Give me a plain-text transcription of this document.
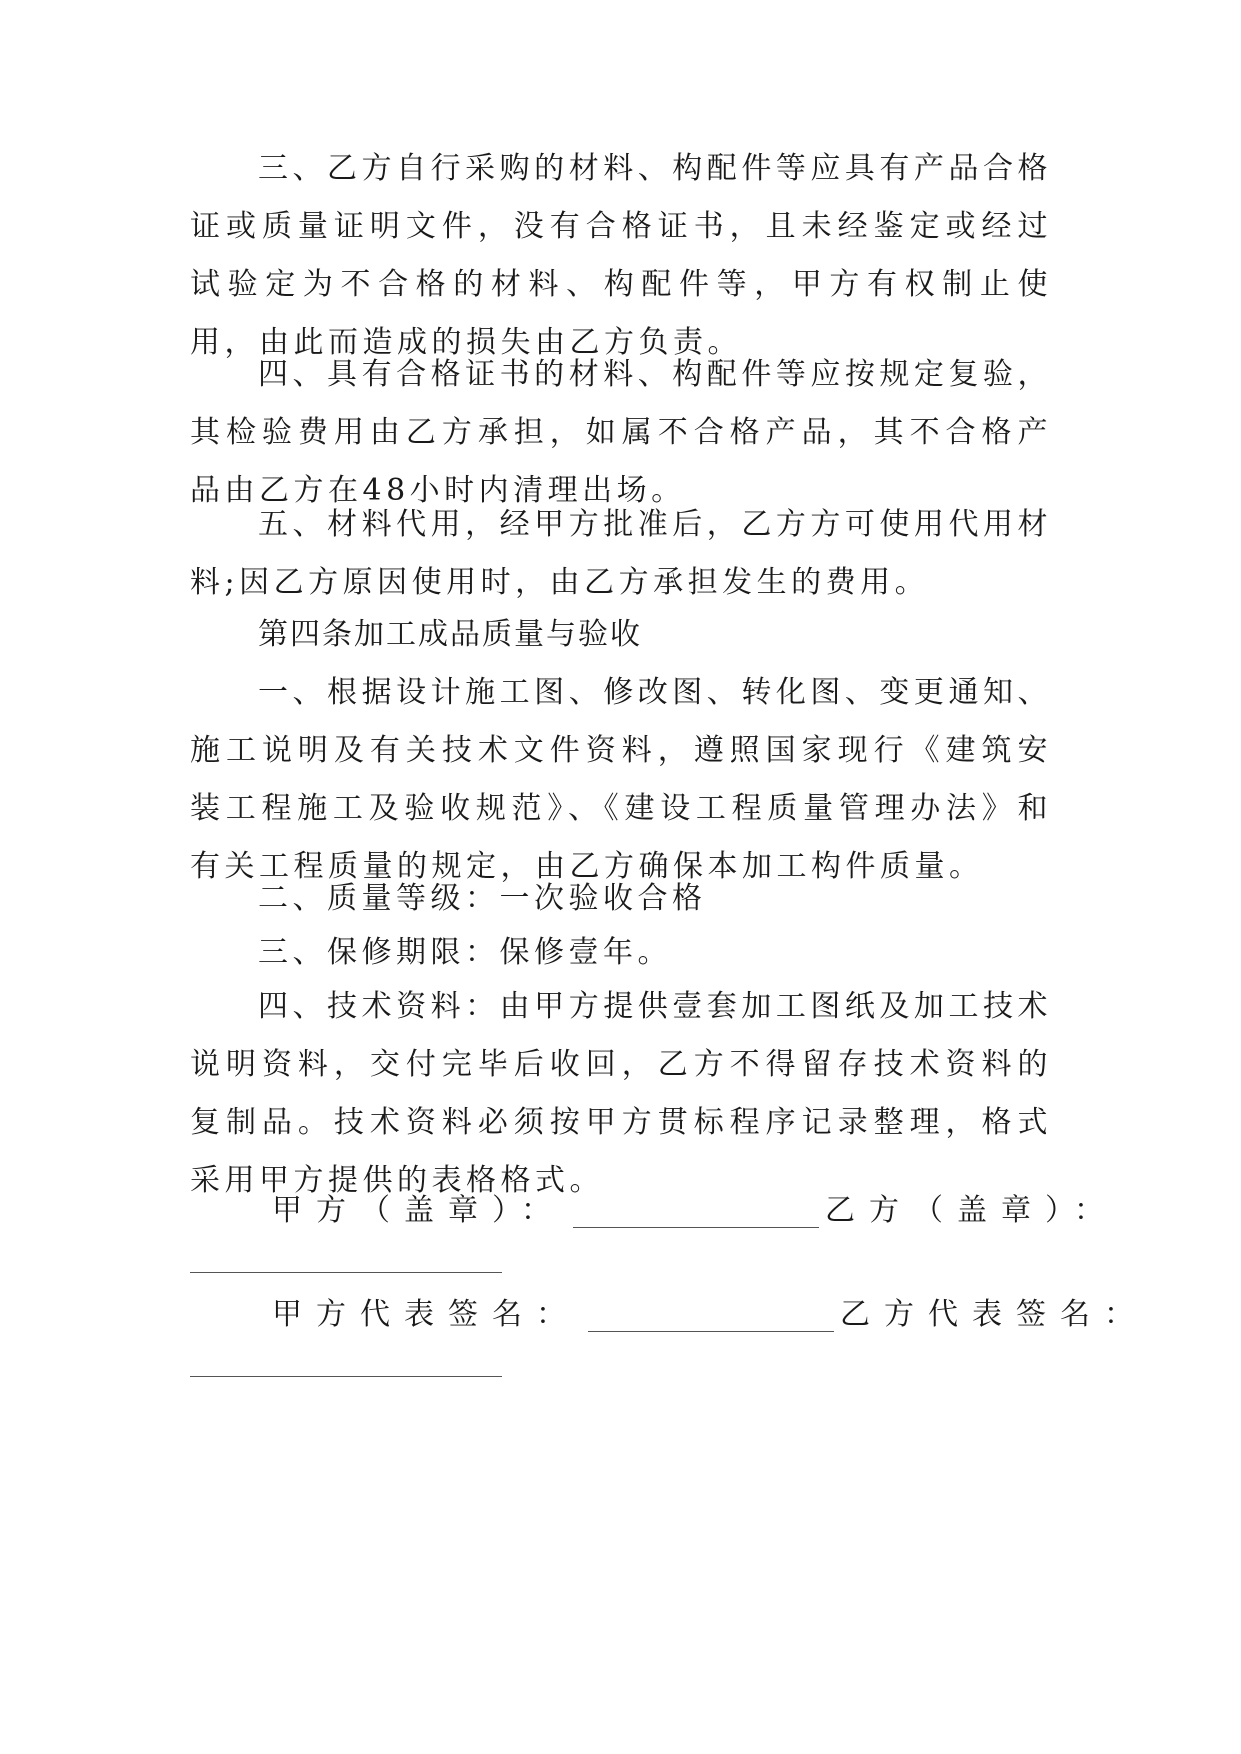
三、乙方自行采购的材料、构配件等应具有产品合格证或质量证明文件，没有合格证书，且未经鉴定或经过试验定为不合格的材料、构配件等，甲方有权制止使用，由此而造成的损失由乙方负责。

四、具有合格证书的材料、构配件等应按规定复验，其检验费用由乙方承担，如属不合格产品，其不合格产品由乙方在48小时内清理出场。

五、材料代用，经甲方批准后，乙方方可使用代用材料;因乙方原因使用时，由乙方承担发生的费用。

第四条加工成品质量与验收

一、根据设计施工图、修改图、转化图、变更通知、施工说明及有关技术文件资料，遵照国家现行《建筑安装工程施工及验收规范》、《建设工程质量管理办法》和有关工程质量的规定，由乙方确保本加工构件质量。

二、质量等级：一次验收合格

三、保修期限：保修壹年。

四、技术资料：由甲方提供壹套加工图纸及加工技术说明资料，交付完毕后收回，乙方不得留存技术资料的复制品。技术资料必须按甲方贯标程序记录整理，格式采用甲方提供的表格格式。

甲方（盖章）：	乙方（盖章）：
甲方代表签名：	乙方代表签名：
